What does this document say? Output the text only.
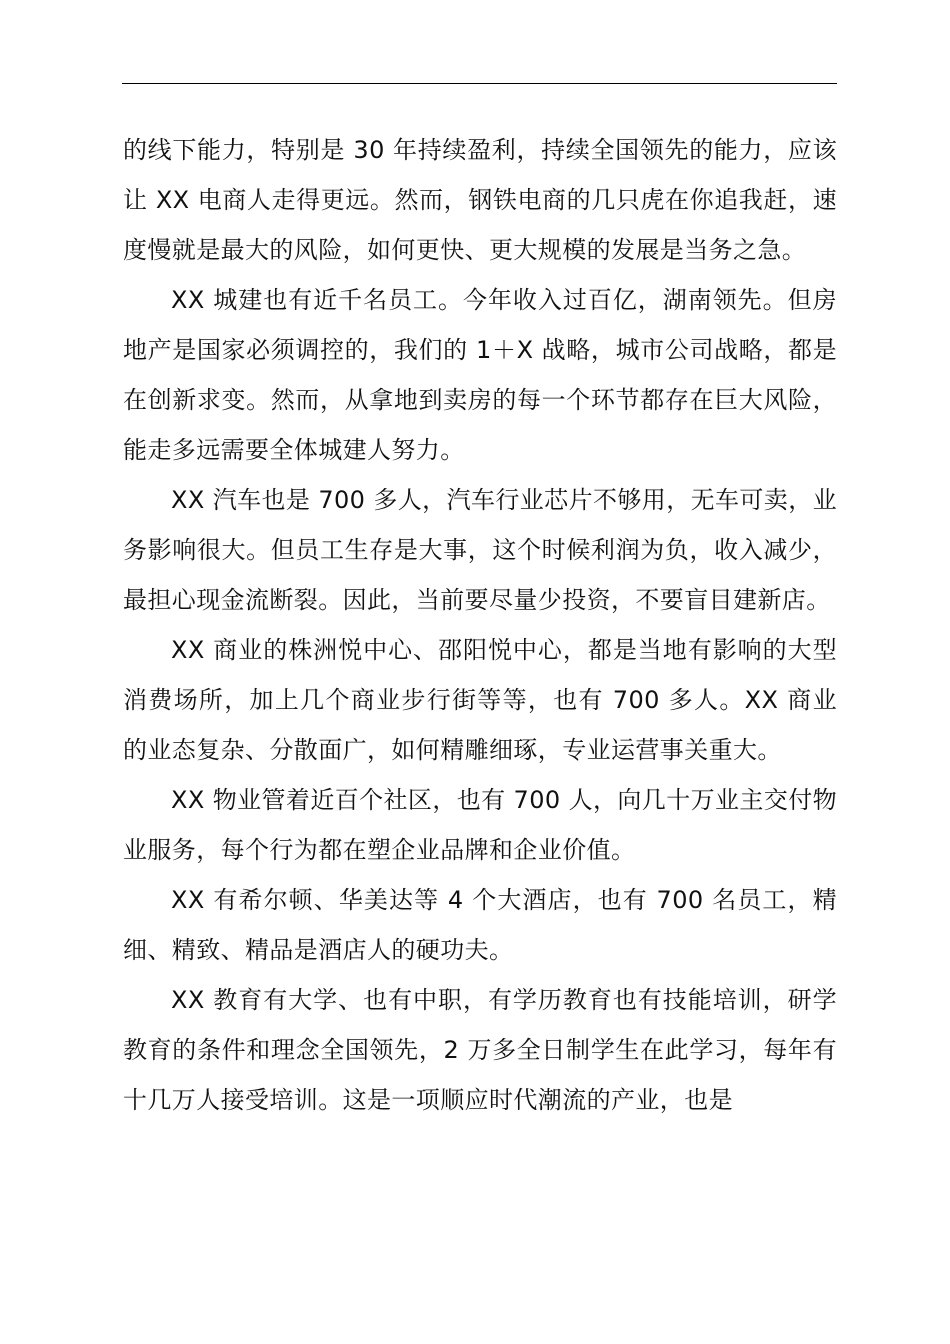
的线下能力，特别是 30 年持续盈利，持续全国领先的能力，应该让 XX 电商人走得更远。然而，钢铁电商的几只虎在你追我赶，速度慢就是最大的风险，如何更快、更大规模的发展是当务之急。

XX 城建也有近千名员工。今年收入过百亿，湖南领先。但房地产是国家必须调控的，我们的 1＋X 战略，城市公司战略，都是在创新求变。然而，从拿地到卖房的每一个环节都存在巨大风险，能走多远需要全体城建人努力。

XX 汽车也是 700 多人，汽车行业芯片不够用，无车可卖，业务影响很大。但员工生存是大事，这个时候利润为负，收入减少，最担心现金流断裂。因此，当前要尽量少投资，不要盲目建新店。

XX 商业的株洲悦中心、邵阳悦中心，都是当地有影响的大型消费场所，加上几个商业步行街等等，也有 700 多人。XX 商业的业态复杂、分散面广，如何精雕细琢，专业运营事关重大。

XX 物业管着近百个社区，也有 700 人，向几十万业主交付物业服务，每个行为都在塑企业品牌和企业价值。

XX 有希尔顿、华美达等 4 个大酒店，也有 700 名员工，精细、精致、精品是酒店人的硬功夫。

XX 教育有大学、也有中职，有学历教育也有技能培训，研学教育的条件和理念全国领先，2 万多全日制学生在此学习，每年有十几万人接受培训。这是一项顺应时代潮流的产业，也是
